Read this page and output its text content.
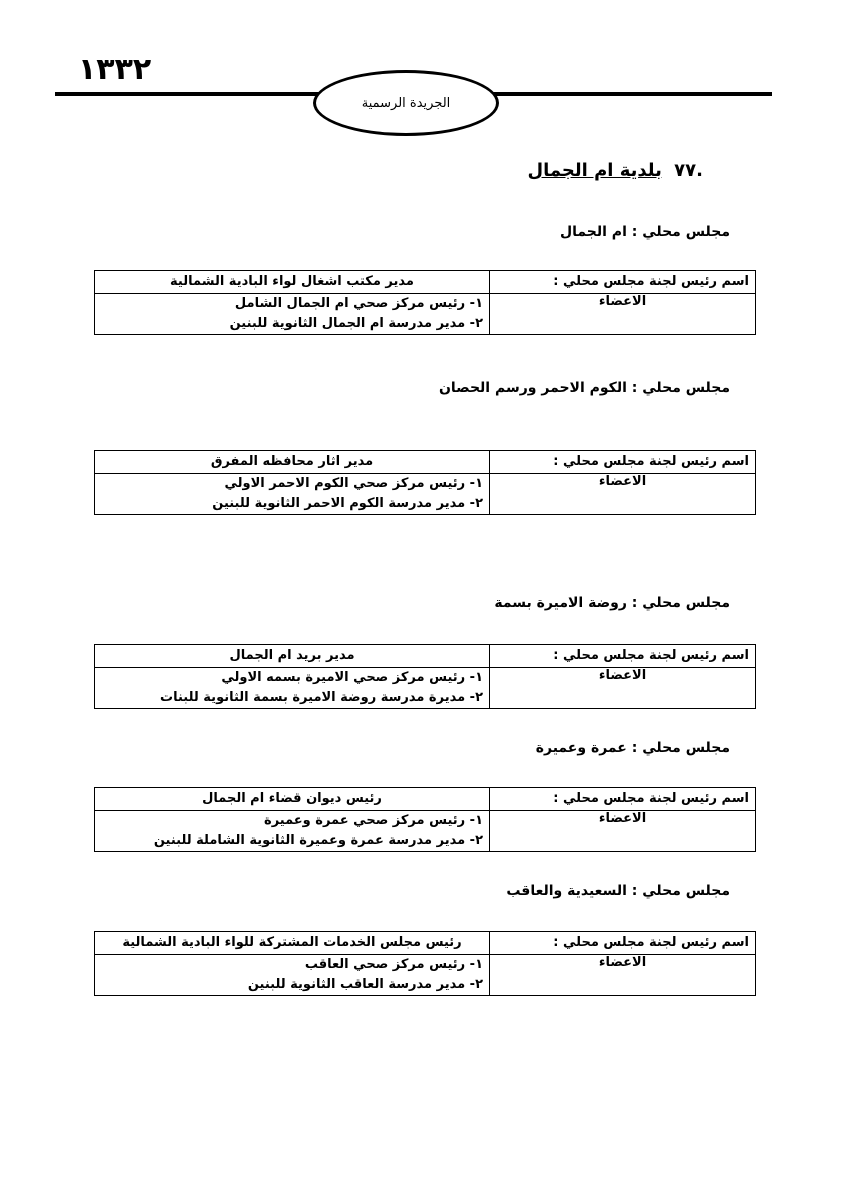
١٣٣٢
الجريدة الرسمية
.٧٧ بلدية ام الجمال
مجلس محلي : ام الجمال
اسم رئيس لجنة مجلس محلي :	مدير مكتب اشغال لواء البادية الشمالية
الاعضاء	١- رئيس مركز صحي ام الجمال الشامل
٢- مدير مدرسة ام الجمال الثانوية للبنين
مجلس محلي : الكوم الاحمر ورسم الحصان
اسم رئيس لجنة مجلس محلي :	مدير اثار محافظه المفرق
الاعضاء	١- رئيس مركز صحي الكوم الاحمر الاولي
٢- مدير مدرسة الكوم الاحمر الثانوية للبنين
مجلس محلي : روضة الاميرة بسمة
اسم رئيس لجنة مجلس محلي :	مدير بريد ام الجمال
الاعضاء	١- رئيس مركز صحي الاميرة بسمه الاولي
٢- مديرة مدرسة روضة الاميرة بسمة الثانوية للبنات
مجلس محلي : عمرة وعميرة
اسم رئيس لجنة مجلس محلي :	رئيس ديوان قضاء ام الجمال
الاعضاء	١- رئيس مركز صحي عمرة وعميرة
٢- مدير مدرسة عمرة وعميرة الثانوية الشاملة للبنين
مجلس محلي : السعيدية والعاقب
اسم رئيس لجنة مجلس محلي :	رئيس مجلس الخدمات المشتركة للواء البادية الشمالية
الاعضاء	١- رئيس مركز صحي العاقب
٢- مدير مدرسة العاقب الثانوية للبنين
